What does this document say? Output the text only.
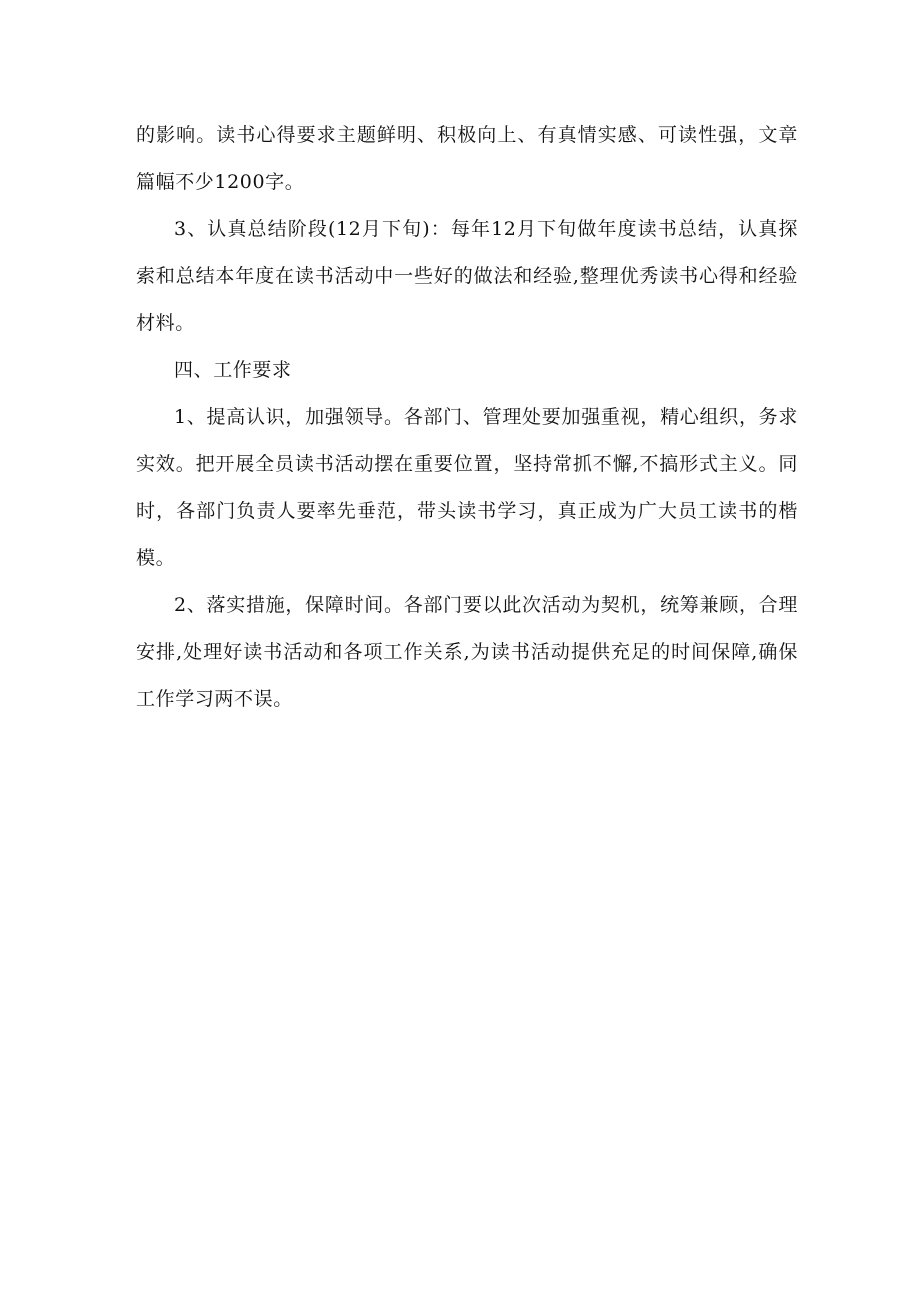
的影响。读书心得要求主题鲜明、积极向上、有真情实感、可读性强，文章篇幅不少1200字。

3、认真总结阶段(12月下旬)：每年12月下旬做年度读书总结，认真探索和总结本年度在读书活动中一些好的做法和经验,整理优秀读书心得和经验材料。

四、工作要求

1、提高认识，加强领导。各部门、管理处要加强重视，精心组织，务求实效。把开展全员读书活动摆在重要位置，坚持常抓不懈,不搞形式主义。同时，各部门负责人要率先垂范，带头读书学习，真正成为广大员工读书的楷模。

2、落实措施，保障时间。各部门要以此次活动为契机，统筹兼顾，合理安排,处理好读书活动和各项工作关系,为读书活动提供充足的时间保障,确保工作学习两不误。
